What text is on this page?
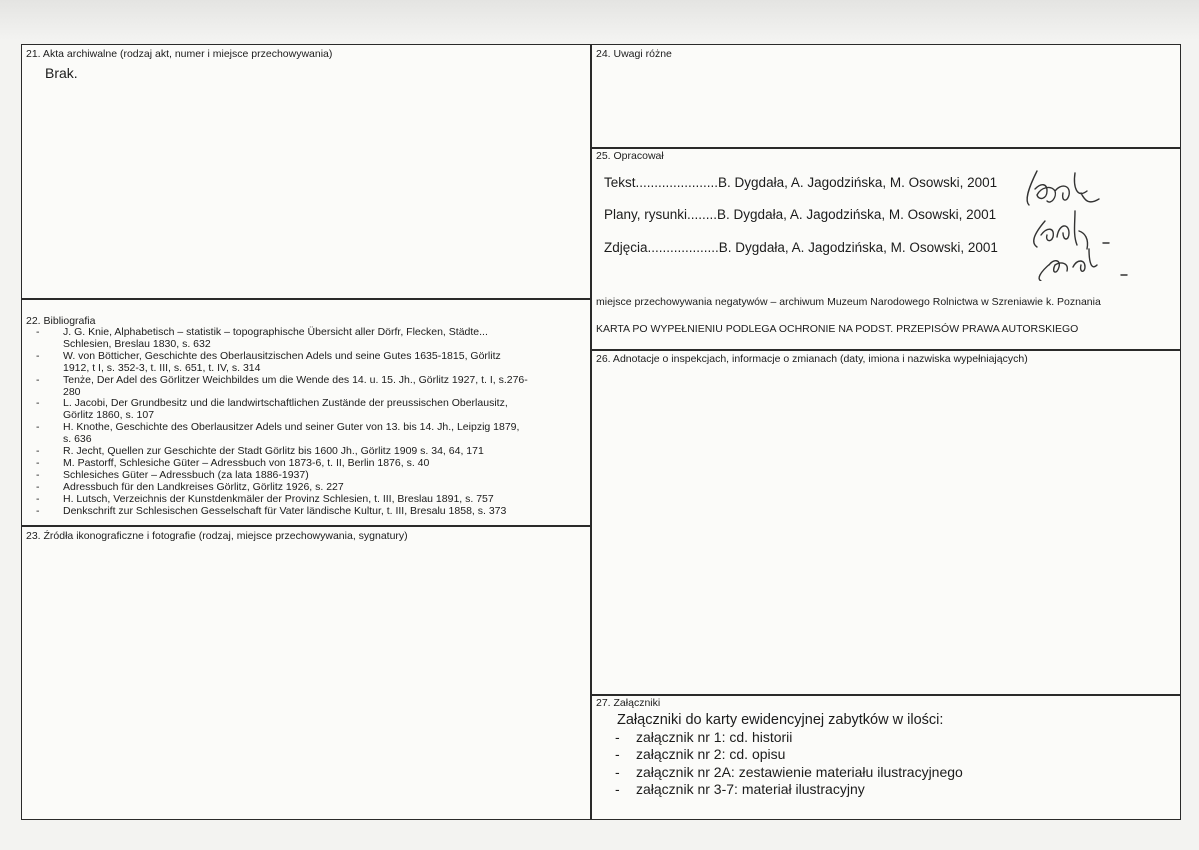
21. Akta archiwalne (rodzaj akt, numer i miejsce przechowywania)
Brak.
22. Bibliografia
- J. G. Knie, Alphabetisch – statistik – topographische Übersicht aller Dörfr, Flecken, Städte...
Schlesien, Breslau 1830, s. 632
- W. von Bötticher, Geschichte des Oberlausitzischen Adels und seine Gutes 1635-1815, Görlitz
1912, t I, s. 352-3, t. III, s. 651, t. IV, s. 314
- Tenże, Der Adel des Görlitzer Weichbildes um die Wende des 14. u. 15. Jh., Görlitz 1927, t. I, s.276-
280
- L. Jacobi, Der Grundbesitz und die landwirtschaftlichen Zustände der preussischen Oberlausitz,
Görlitz 1860, s. 107
- H. Knothe, Geschichte des Oberlausitzer Adels und seiner Guter von 13. bis 14. Jh., Leipzig 1879,
s. 636
- R. Jecht, Quellen zur Geschichte der Stadt Görlitz bis 1600 Jh., Görlitz 1909 s. 34, 64, 171
- M. Pastorff, Schlesiche Güter – Adressbuch von 1873-6, t. II, Berlin 1876, s. 40
- Schlesiches Güter – Adressbuch (za lata 1886-1937)
- Adressbuch für den Landkreises Görlitz, Görlitz 1926, s. 227
- H. Lutsch, Verzeichnis der Kunstdenkmäler der Provinz Schlesien, t. III, Breslau 1891, s. 757
- Denkschrift zur Schlesischen Gesselschaft für Vater ländische Kultur, t. III, Bresalu 1858, s. 373
23. Źródła ikonograficzne i fotografie (rodzaj, miejsce przechowywania, sygnatury)
24. Uwagi różne
25. Opracował
Tekst......................B. Dygdała, A. Jagodzińska, M. Osowski, 2001
Plany, rysunki........B. Dygdała, A. Jagodzińska, M. Osowski, 2001
Zdjęcia...................B. Dygdała, A. Jagodzińska, M. Osowski, 2001
miejsce przechowywania negatywów – archiwum Muzeum Narodowego Rolnictwa w Szreniawie k. Poznania
KARTA PO WYPEŁNIENIU PODLEGA OCHRONIE NA PODST. PRZEPISÓW PRAWA AUTORSKIEGO
26. Adnotacje o inspekcjach, informacje o zmianach (daty, imiona i nazwiska wypełniających)
27. Załączniki
Załączniki do karty ewidencyjnej zabytków w ilości:
- załącznik nr 1: cd. historii
- załącznik nr 2: cd. opisu
- załącznik nr 2A: zestawienie materiału ilustracyjnego
- załącznik nr 3-7: materiał ilustracyjny
